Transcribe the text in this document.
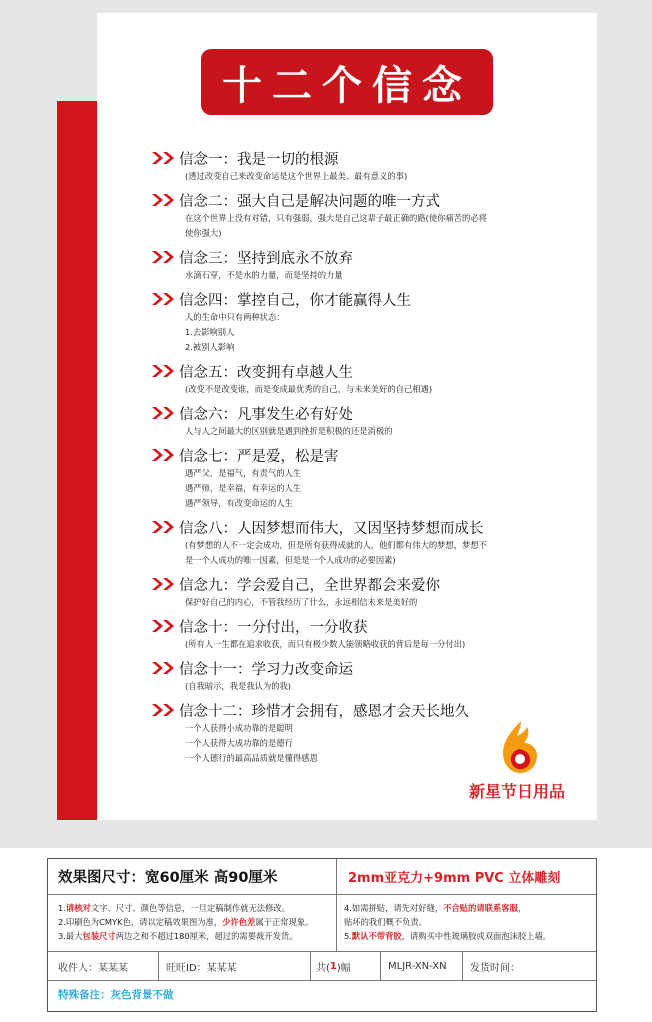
十二个信念
信念一：我是一切的根源
(透过改变自己来改变命运是这个世界上最美、最有意义的事)
信念二：强大自己是解决问题的唯一方式
在这个世界上没有对错，只有强弱，强大是自己这辈子最正确的路(使你痛苦的必将
使你强大)
信念三：坚持到底永不放弃
水滴石穿，不是水的力量，而是坚持的力量
信念四：掌控自己，你才能赢得人生
人的生命中只有两种状态：
1.去影响别人
2.被别人影响
信念五：改变拥有卓越人生
(改变不是改变谁，而是变成最优秀的自己，与未来美好的自己相遇)
信念六：凡事发生必有好处
人与人之间最大的区别就是遇到挫折是积极的还是消极的
信念七：严是爱，松是害
遇严父，是福气，有责气的人生
遇严师，是幸福，有幸运的人生
遇严领导，有改变命运的人生
信念八：人因梦想而伟大，又因坚持梦想而成长
(有梦想的人不一定会成功，但是所有获得成就的人，他们都有伟大的梦想，梦想不
是一个人成功的唯一因素，但是是一个人成功的必要因素)
信念九：学会爱自己，全世界都会来爱你
保护好自己的内心，不管我经历了什么，永远相信未来是美好的
信念十：一分付出，一分收获
(所有人一生都在追求收获，而只有极少数人能领略收获的背后是每一分付出)
信念十一：学习力改变命运
(自我暗示，我是我认为的我)
信念十二：珍惜才会拥有，感恩才会天长地久
一个人获得小成功靠的是聪明
一个人获得大成功靠的是德行
一个人德行的最高品质就是懂得感恩
新星节日用品
效果图尺寸：宽60厘米 高90厘米	2mm亚克力+9mm PVC 立体雕刻
1.请核对文字、尺寸、颜色等信息，一旦定稿制作就无法修改。
2.印刷色为CMYK色，请以定稿效果图为准，少许色差属于正常现象。
3.最大包装尺寸两边之和不超过180厘米，超过的需要裁开发货。
4.如需拼贴，请先对好缝，不合贴的请联系客服，
贴坏的我们概不负责。
5.默认不带背胶，请购买中性玻璃胶或双面泡沫胶上墙。
收件人：某某某	旺旺ID：某某某	共( 1 )幅	MLJR-XN-XN 发货时间：
特殊备注：灰色背景不做
